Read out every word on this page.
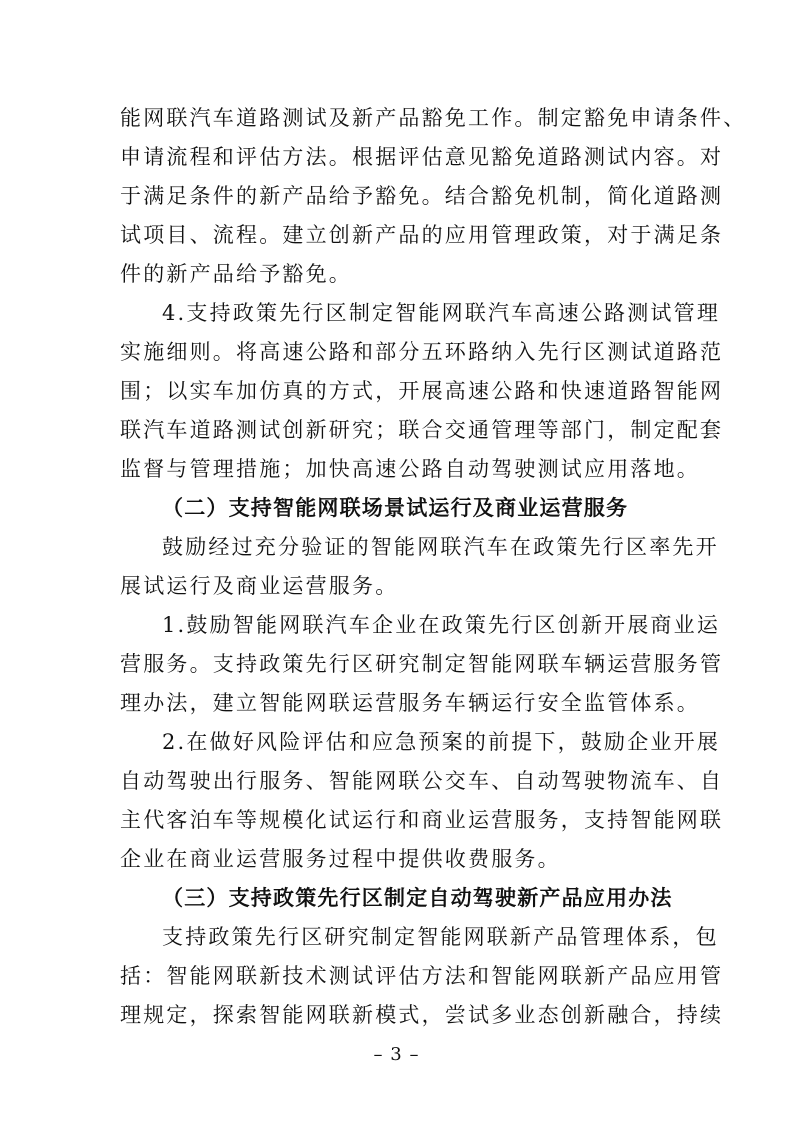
能网联汽车道路测试及新产品豁免工作。制定豁免申请条件、
申请流程和评估方法。根据评估意见豁免道路测试内容。对
于满足条件的新产品给予豁免。结合豁免机制，简化道路测
试项目、流程。建立创新产品的应用管理政策，对于满足条
件的新产品给予豁免。
4.支持政策先行区制定智能网联汽车高速公路测试管理
实施细则。将高速公路和部分五环路纳入先行区测试道路范
围；以实车加仿真的方式，开展高速公路和快速道路智能网
联汽车道路测试创新研究；联合交通管理等部门，制定配套
监督与管理措施；加快高速公路自动驾驶测试应用落地。
（二）支持智能网联场景试运行及商业运营服务
鼓励经过充分验证的智能网联汽车在政策先行区率先开
展试运行及商业运营服务。
1.鼓励智能网联汽车企业在政策先行区创新开展商业运
营服务。支持政策先行区研究制定智能网联车辆运营服务管
理办法，建立智能网联运营服务车辆运行安全监管体系。
2.在做好风险评估和应急预案的前提下，鼓励企业开展
自动驾驶出行服务、智能网联公交车、自动驾驶物流车、自
主代客泊车等规模化试运行和商业运营服务，支持智能网联
企业在商业运营服务过程中提供收费服务。
（三）支持政策先行区制定自动驾驶新产品应用办法
支持政策先行区研究制定智能网联新产品管理体系，包
括：智能网联新技术测试评估方法和智能网联新产品应用管
理规定，探索智能网联新模式，尝试多业态创新融合，持续
– 3 –
